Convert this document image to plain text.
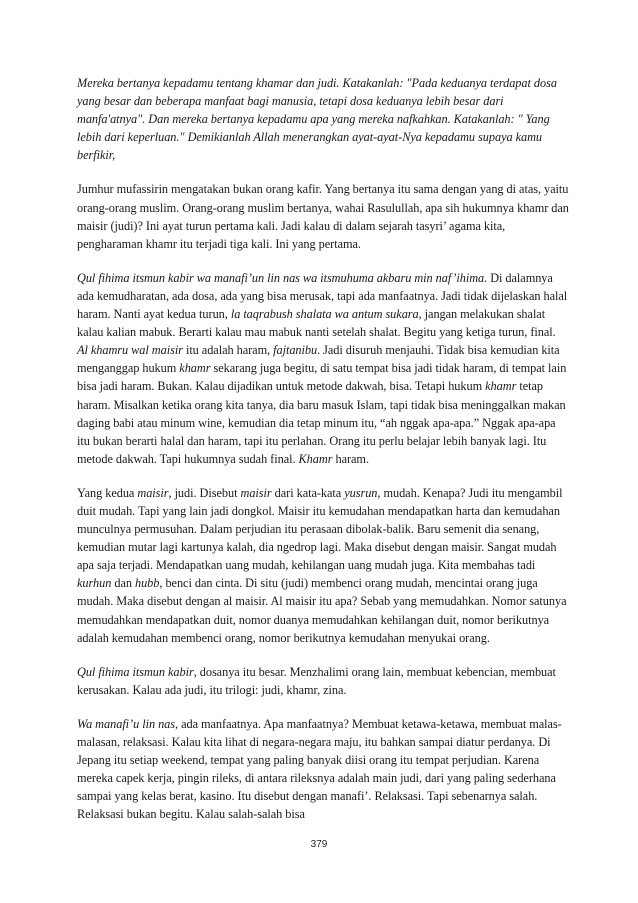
Mereka bertanya kepadamu tentang khamar dan judi. Katakanlah: "Pada keduanya terdapat dosa yang besar dan beberapa manfaat bagi manusia, tetapi dosa keduanya lebih besar dari manfa'atnya". Dan mereka bertanya kepadamu apa yang mereka nafkahkan. Katakanlah: " Yang lebih dari keperluan." Demikianlah Allah menerangkan ayat-ayat-Nya kepadamu supaya kamu berfikir,

Jumhur mufassirin mengatakan bukan orang kafir. Yang bertanya itu sama dengan yang di atas, yaitu orang-orang muslim. Orang-orang muslim bertanya, wahai Rasulullah, apa sih hukumnya khamr dan maisir (judi)? Ini ayat turun pertama kali. Jadi kalau di dalam sejarah tasyri’ agama kita, pengharaman khamr itu terjadi tiga kali. Ini yang pertama.

Qul fihima itsmun kabir wa manafi’un lin nas wa itsmuhuma akbaru min naf’ihima. Di dalamnya ada kemudharatan, ada dosa, ada yang bisa merusak, tapi ada manfaatnya. Jadi tidak dijelaskan halal haram. Nanti ayat kedua turun, la taqrabush shalata wa antum sukara, jangan melakukan shalat kalau kalian mabuk. Berarti kalau mau mabuk nanti setelah shalat. Begitu yang ketiga turun, final. Al khamru wal maisir itu adalah haram, fajtanibu. Jadi disuruh menjauhi. Tidak bisa kemudian kita menganggap hukum khamr sekarang juga begitu, di satu tempat bisa jadi tidak haram, di tempat lain bisa jadi haram. Bukan. Kalau dijadikan untuk metode dakwah, bisa. Tetapi hukum khamr tetap haram. Misalkan ketika orang kita tanya, dia baru masuk Islam, tapi tidak bisa meninggalkan makan daging babi atau minum wine, kemudian dia tetap minum itu, “ah nggak apa-apa.” Nggak apa-apa itu bukan berarti halal dan haram, tapi itu perlahan. Orang itu perlu belajar lebih banyak lagi. Itu metode dakwah. Tapi hukumnya sudah final. Khamr haram.

Yang kedua maisir, judi. Disebut maisir dari kata-kata yusrun, mudah. Kenapa? Judi itu mengambil duit mudah. Tapi yang lain jadi dongkol. Maisir itu kemudahan mendapatkan harta dan kemudahan munculnya permusuhan. Dalam perjudian itu perasaan dibolak-balik. Baru semenit dia senang, kemudian mutar lagi kartunya kalah, dia ngedrop lagi. Maka disebut dengan maisir. Sangat mudah apa saja terjadi. Mendapatkan uang mudah, kehilangan uang mudah juga. Kita membahas tadi kurhun dan hubb, benci dan cinta. Di situ (judi) membenci orang mudah, mencintai orang juga mudah. Maka disebut dengan al maisir. Al maisir itu apa? Sebab yang memudahkan. Nomor satunya memudahkan mendapatkan duit, nomor duanya memudahkan kehilangan duit, nomor berikutnya adalah kemudahan membenci orang, nomor berikutnya kemudahan menyukai orang.

Qul fihima itsmun kabir, dosanya itu besar. Menzhalimi orang lain, membuat kebencian, membuat kerusakan. Kalau ada judi, itu trilogi: judi, khamr, zina.

Wa manafi’u lin nas, ada manfaatnya. Apa manfaatnya? Membuat ketawa-ketawa, membuat malas-malasan, relaksasi. Kalau kita lihat di negara-negara maju, itu bahkan sampai diatur perdanya. Di Jepang itu setiap weekend, tempat yang paling banyak diisi orang itu tempat perjudian. Karena mereka capek kerja, pingin rileks, di antara rileksnya adalah main judi, dari yang paling sederhana sampai yang kelas berat, kasino. Itu disebut dengan manafi’. Relaksasi. Tapi sebenarnya salah. Relaksasi bukan begitu. Kalau salah-salah bisa

379
